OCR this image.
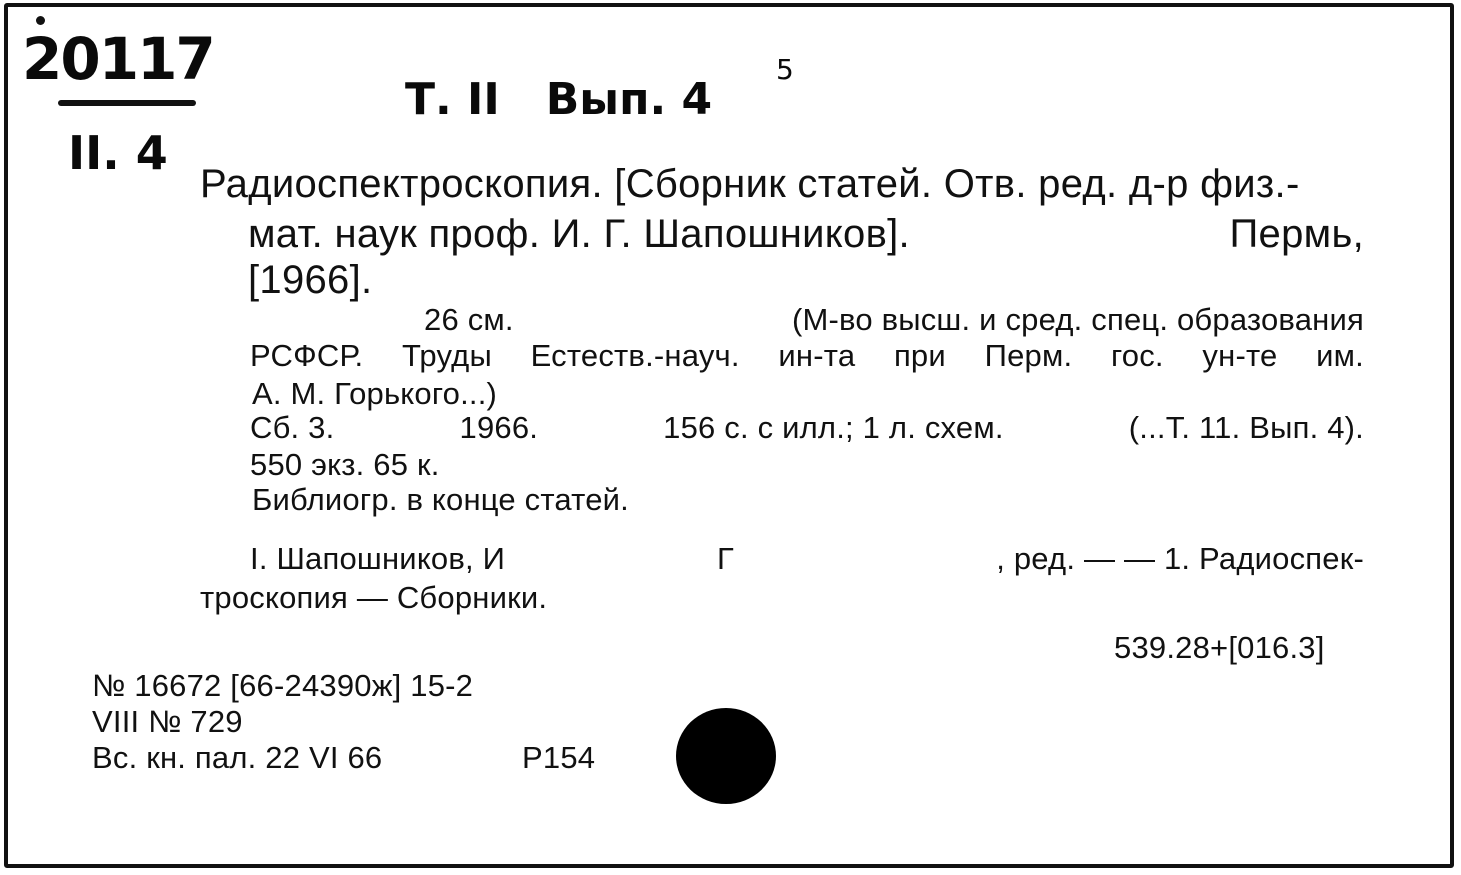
20117
Т. II   Вып. 4
5
II. 4
Радиоспектроскопия. [Сборник статей. Отв. ред. д-р физ.-
мат. наук проф. И. Г. Шапошников].	Пермь,
[1966].
26 см.	(М-во высш. и сред. спец. образования
РСФСР. Труды Естеств.-науч. ин-та при Перм. гос. ун-те им.
А. М. Горького...)
Сб. 3.	1966.	156 с. с илл.; 1 л. схем.	(...Т. 11. Вып. 4).
550 экз. 65 к.
Библиогр. в конце статей.
I. Шапошников, И	Г	, ред. — — 1. Радиоспек-
троскопия — Сборники.
539.28+[016.3]
№ 16672 [66-24390ж] 15-2
VIII № 729
Вс. кн. пал. 22 VI 66	Р154
